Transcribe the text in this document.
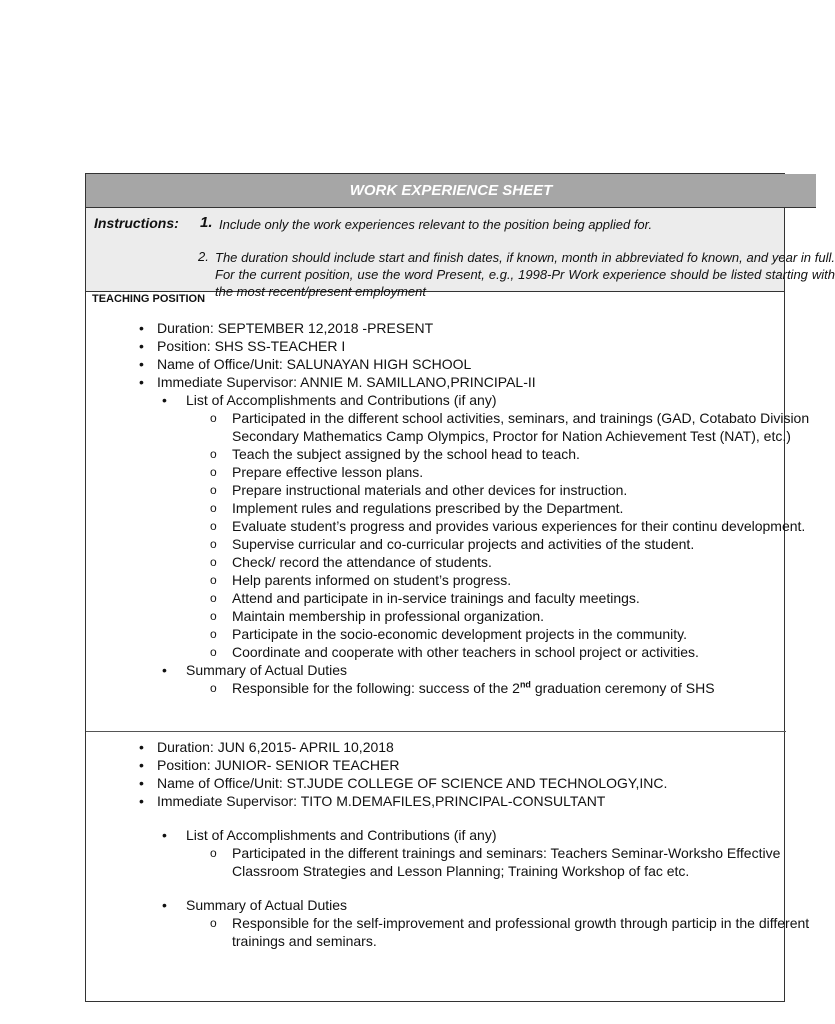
WORK EXPERIENCE SHEET
Instructions: 1. Include only the work experiences relevant to the position being applied for.
2. The duration should include start and finish dates, if known, month in abbreviated fo known, and year in full. For the current position, use the word Present, e.g., 1998-Pr Work experience should be listed starting with the most recent/present employment
TEACHING POSITION
• Duration: SEPTEMBER 12,2018 -PRESENT
• Position: SHS SS-TEACHER I
• Name of Office/Unit: SALUNAYAN HIGH SCHOOL
• Immediate Supervisor: ANNIE M. SAMILLANO,PRINCIPAL-II
• List of Accomplishments and Contributions (if any)
o Participated in the different school activities, seminars, and trainings (GAD, Cotabato Division Secondary Mathematics Camp Olympics, Proctor for Nation Achievement Test (NAT), etc.)
o Teach the subject assigned by the school head to teach.
o Prepare effective lesson plans.
o Prepare instructional materials and other devices for instruction.
o Implement rules and regulations prescribed by the Department.
o Evaluate student’s progress and provides various experiences for their continu development.
o Supervise curricular and co-curricular projects and activities of the student.
o Check/ record the attendance of students.
o Help parents informed on student’s progress.
o Attend and participate in in-service trainings and faculty meetings.
o Maintain membership in professional organization.
o Participate in the socio-economic development projects in the community.
o Coordinate and cooperate with other teachers in school project or activities.
• Summary of Actual Duties
o Responsible for the following: success of the 2nd graduation ceremony of SHS
• Duration: JUN 6,2015- APRIL 10,2018
• Position: JUNIOR- SENIOR TEACHER
• Name of Office/Unit: ST.JUDE COLLEGE OF SCIENCE AND TECHNOLOGY,INC.
• Immediate Supervisor: TITO M.DEMAFILES,PRINCIPAL-CONSULTANT
• List of Accomplishments and Contributions (if any)
o Participated in the different trainings and seminars: Teachers Seminar-Worksho Effective Classroom Strategies and Lesson Planning; Training Workshop of fac etc.
• Summary of Actual Duties
o Responsible for the self-improvement and professional growth through particip in the different trainings and seminars.
